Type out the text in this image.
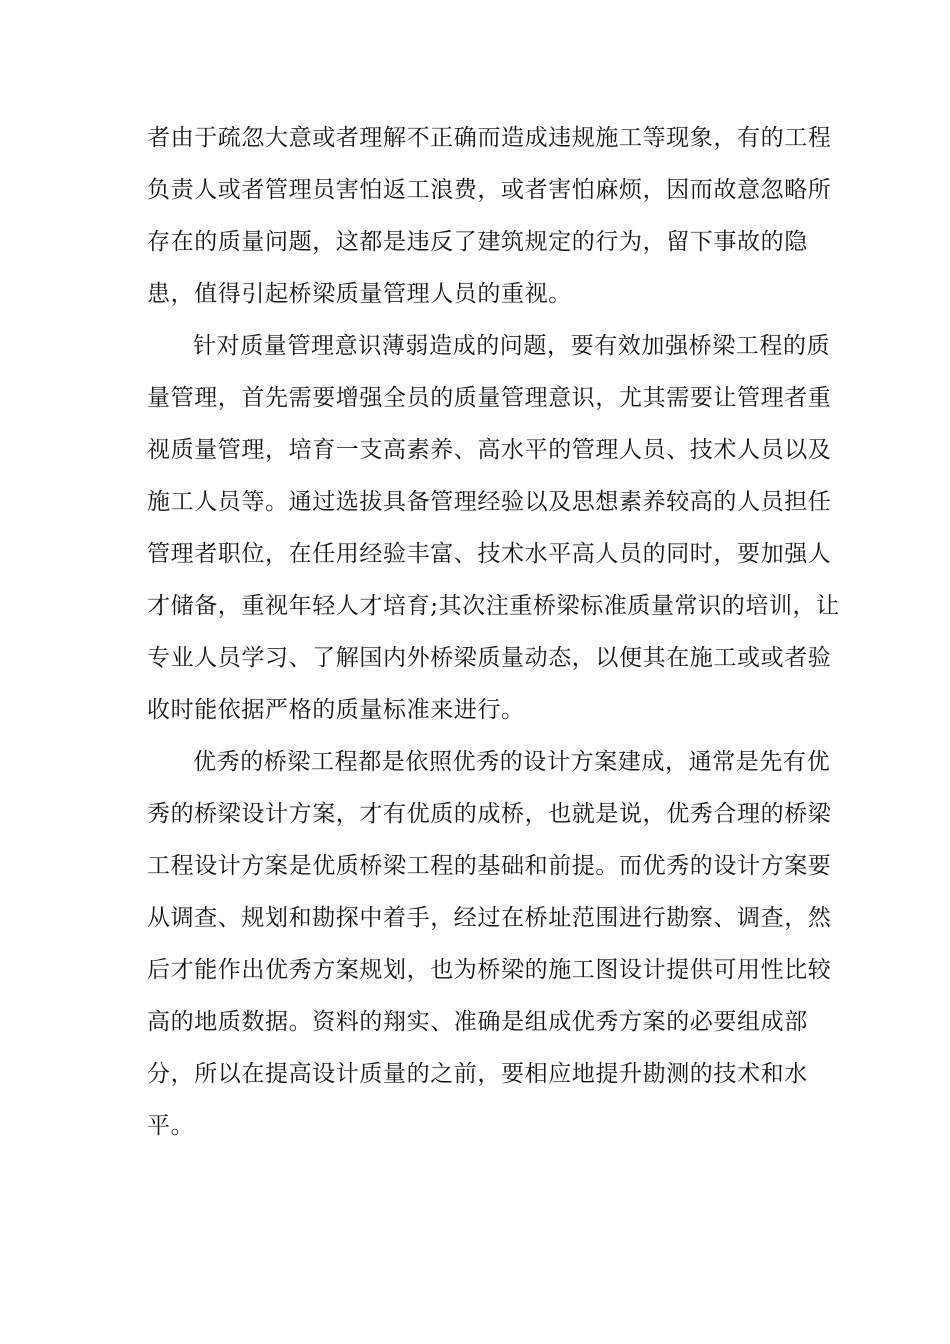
者由于疏忽大意或者理解不正确而造成违规施工等现象，有的工程
负责人或者管理员害怕返工浪费，或者害怕麻烦，因而故意忽略所
存在的质量问题，这都是违反了建筑规定的行为，留下事故的隐
患，值得引起桥梁质量管理人员的重视。
针对质量管理意识薄弱造成的问题，要有效加强桥梁工程的质
量管理，首先需要增强全员的质量管理意识，尤其需要让管理者重
视质量管理，培育一支高素养、高水平的管理人员、技术人员以及
施工人员等。通过选拔具备管理经验以及思想素养较高的人员担任
管理者职位，在任用经验丰富、技术水平高人员的同时，要加强人
才储备，重视年轻人才培育;其次注重桥梁标准质量常识的培训，让
专业人员学习、了解国内外桥梁质量动态，以便其在施工或或者验
收时能依据严格的质量标准来进行。
优秀的桥梁工程都是依照优秀的设计方案建成，通常是先有优
秀的桥梁设计方案，才有优质的成桥，也就是说，优秀合理的桥梁
工程设计方案是优质桥梁工程的基础和前提。而优秀的设计方案要
从调查、规划和勘探中着手，经过在桥址范围进行勘察、调查，然
后才能作出优秀方案规划，也为桥梁的施工图设计提供可用性比较
高的地质数据。资料的翔实、准确是组成优秀方案的必要组成部
分，所以在提高设计质量的之前，要相应地提升勘测的技术和水
平。
